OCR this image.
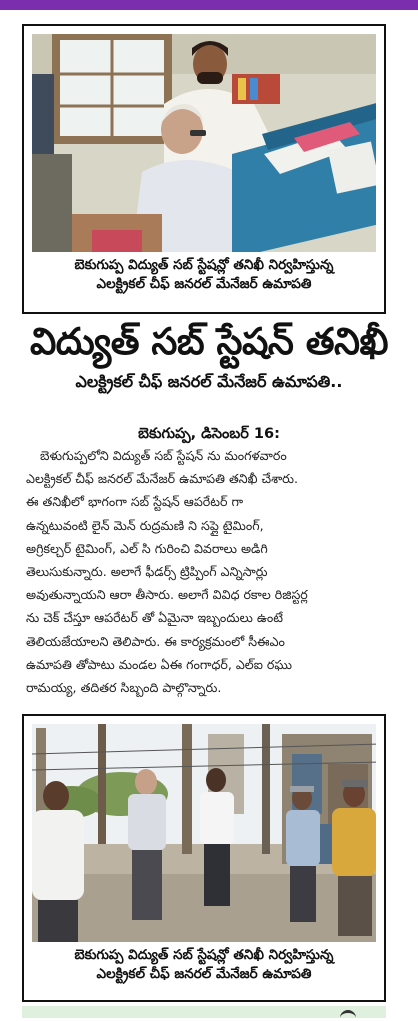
బెకుగుప్ప విద్యుత్ సబ్ స్టేషన్లో తనిఖీ నిర్వహిస్తున్న
ఎలక్ట్రికల్ చీఫ్ జనరల్ మేనేజర్ ఉమాపతి
విద్యుత్ సబ్ స్టేషన్ తనిఖీ
ఎలక్ట్రికల్ చీఫ్ జనరల్ మేనేజర్ ఉమాపతి..
బెకుగుప్ప, డిసెంబర్ 16:
బెళుగుప్పలోని విద్యుత్ సబ్ స్టేషన్ ను మంగళవారం
ఎలక్ట్రికల్ చీఫ్ జనరల్ మేనేజర్ ఉమాపతి తనిఖీ చేశారు.
ఈ తనిఖీలో భాగంగా సబ్ స్టేషన్ ఆపరేటర్ గా
ఉన్నటువంటి లైన్ మెన్ రుద్రమణి ని సప్లై టైమింగ్,
అగ్రికల్చర్ టైమింగ్, ఎల్ సి గురించి వివరాలు అడిగి
తెలుసుకున్నారు. అలాగే ఫీడర్స్ ట్రిప్పింగ్ ఎన్నిసార్లు
అవుతున్నాయని ఆరా తీసారు. అలాగే వివిధ రకాల రిజిస్టర్ల
ను చెక్ చేస్తూ ఆపరేటర్ తో ఏమైనా ఇబ్బందులు ఉంటే
తెలియజేయాలని తెలిపారు. ఈ కార్యక్రమంలో సీఈఎం
ఉమాపతి తోపాటు మండల ఏఈ గంగాధర్, ఎల్ఐ రఘు
రామయ్య, తదితర సిబ్బంది పాల్గొన్నారు.
బెకుగుప్ప విద్యుత్ సబ్ స్టేషన్లో తనిఖీ నిర్వహిస్తున్న
ఎలక్ట్రికల్ చీఫ్ జనరల్ మేనేజర్ ఉమాపతి
